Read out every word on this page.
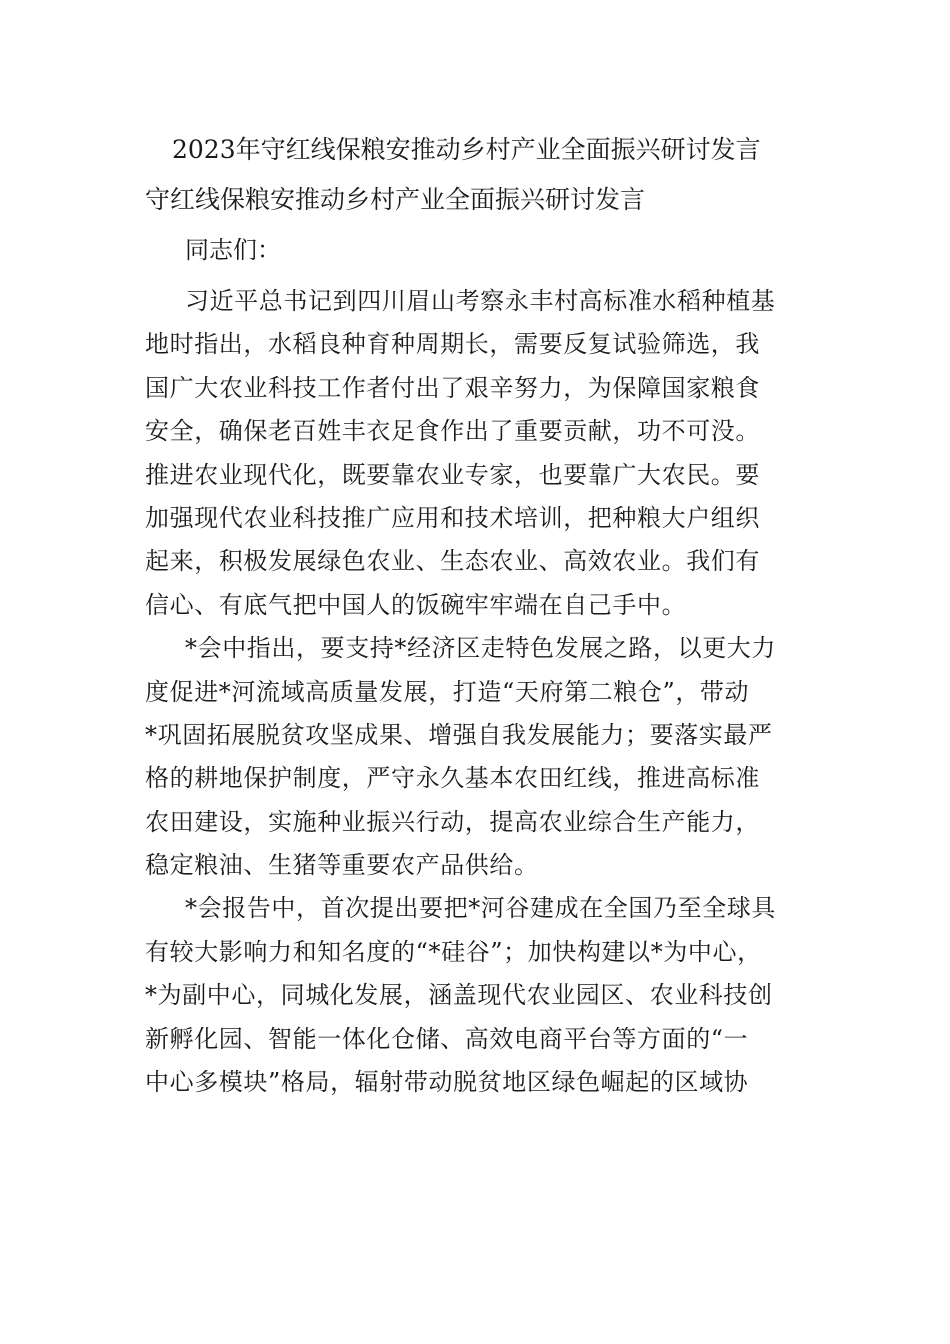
2023年守红线保粮安推动乡村产业全面振兴研讨发言
守红线保粮安推动乡村产业全面振兴研讨发言

同志们：

习近平总书记到四川眉山考察永丰村高标准水稻种植基
地时指出，水稻良种育种周期长，需要反复试验筛选，我
国广大农业科技工作者付出了艰辛努力，为保障国家粮食
安全，确保老百姓丰衣足食作出了重要贡献，功不可没。
推进农业现代化，既要靠农业专家，也要靠广大农民。要
加强现代农业科技推广应用和技术培训，把种粮大户组织
起来，积极发展绿色农业、生态农业、高效农业。我们有
信心、有底气把中国人的饭碗牢牢端在自己手中。

*会中指出，要支持*经济区走特色发展之路，以更大力
度促进*河流域高质量发展，打造“天府第二粮仓”，带动
*巩固拓展脱贫攻坚成果、增强自我发展能力；要落实最严
格的耕地保护制度，严守永久基本农田红线，推进高标准
农田建设，实施种业振兴行动，提高农业综合生产能力，
稳定粮油、生猪等重要农产品供给。

*会报告中，首次提出要把*河谷建成在全国乃至全球具
有较大影响力和知名度的“*硅谷”；加快构建以*为中心，
*为副中心，同城化发展，涵盖现代农业园区、农业科技创
新孵化园、智能一体化仓储、高效电商平台等方面的“一
中心多模块”格局，辐射带动脱贫地区绿色崛起的区域协
